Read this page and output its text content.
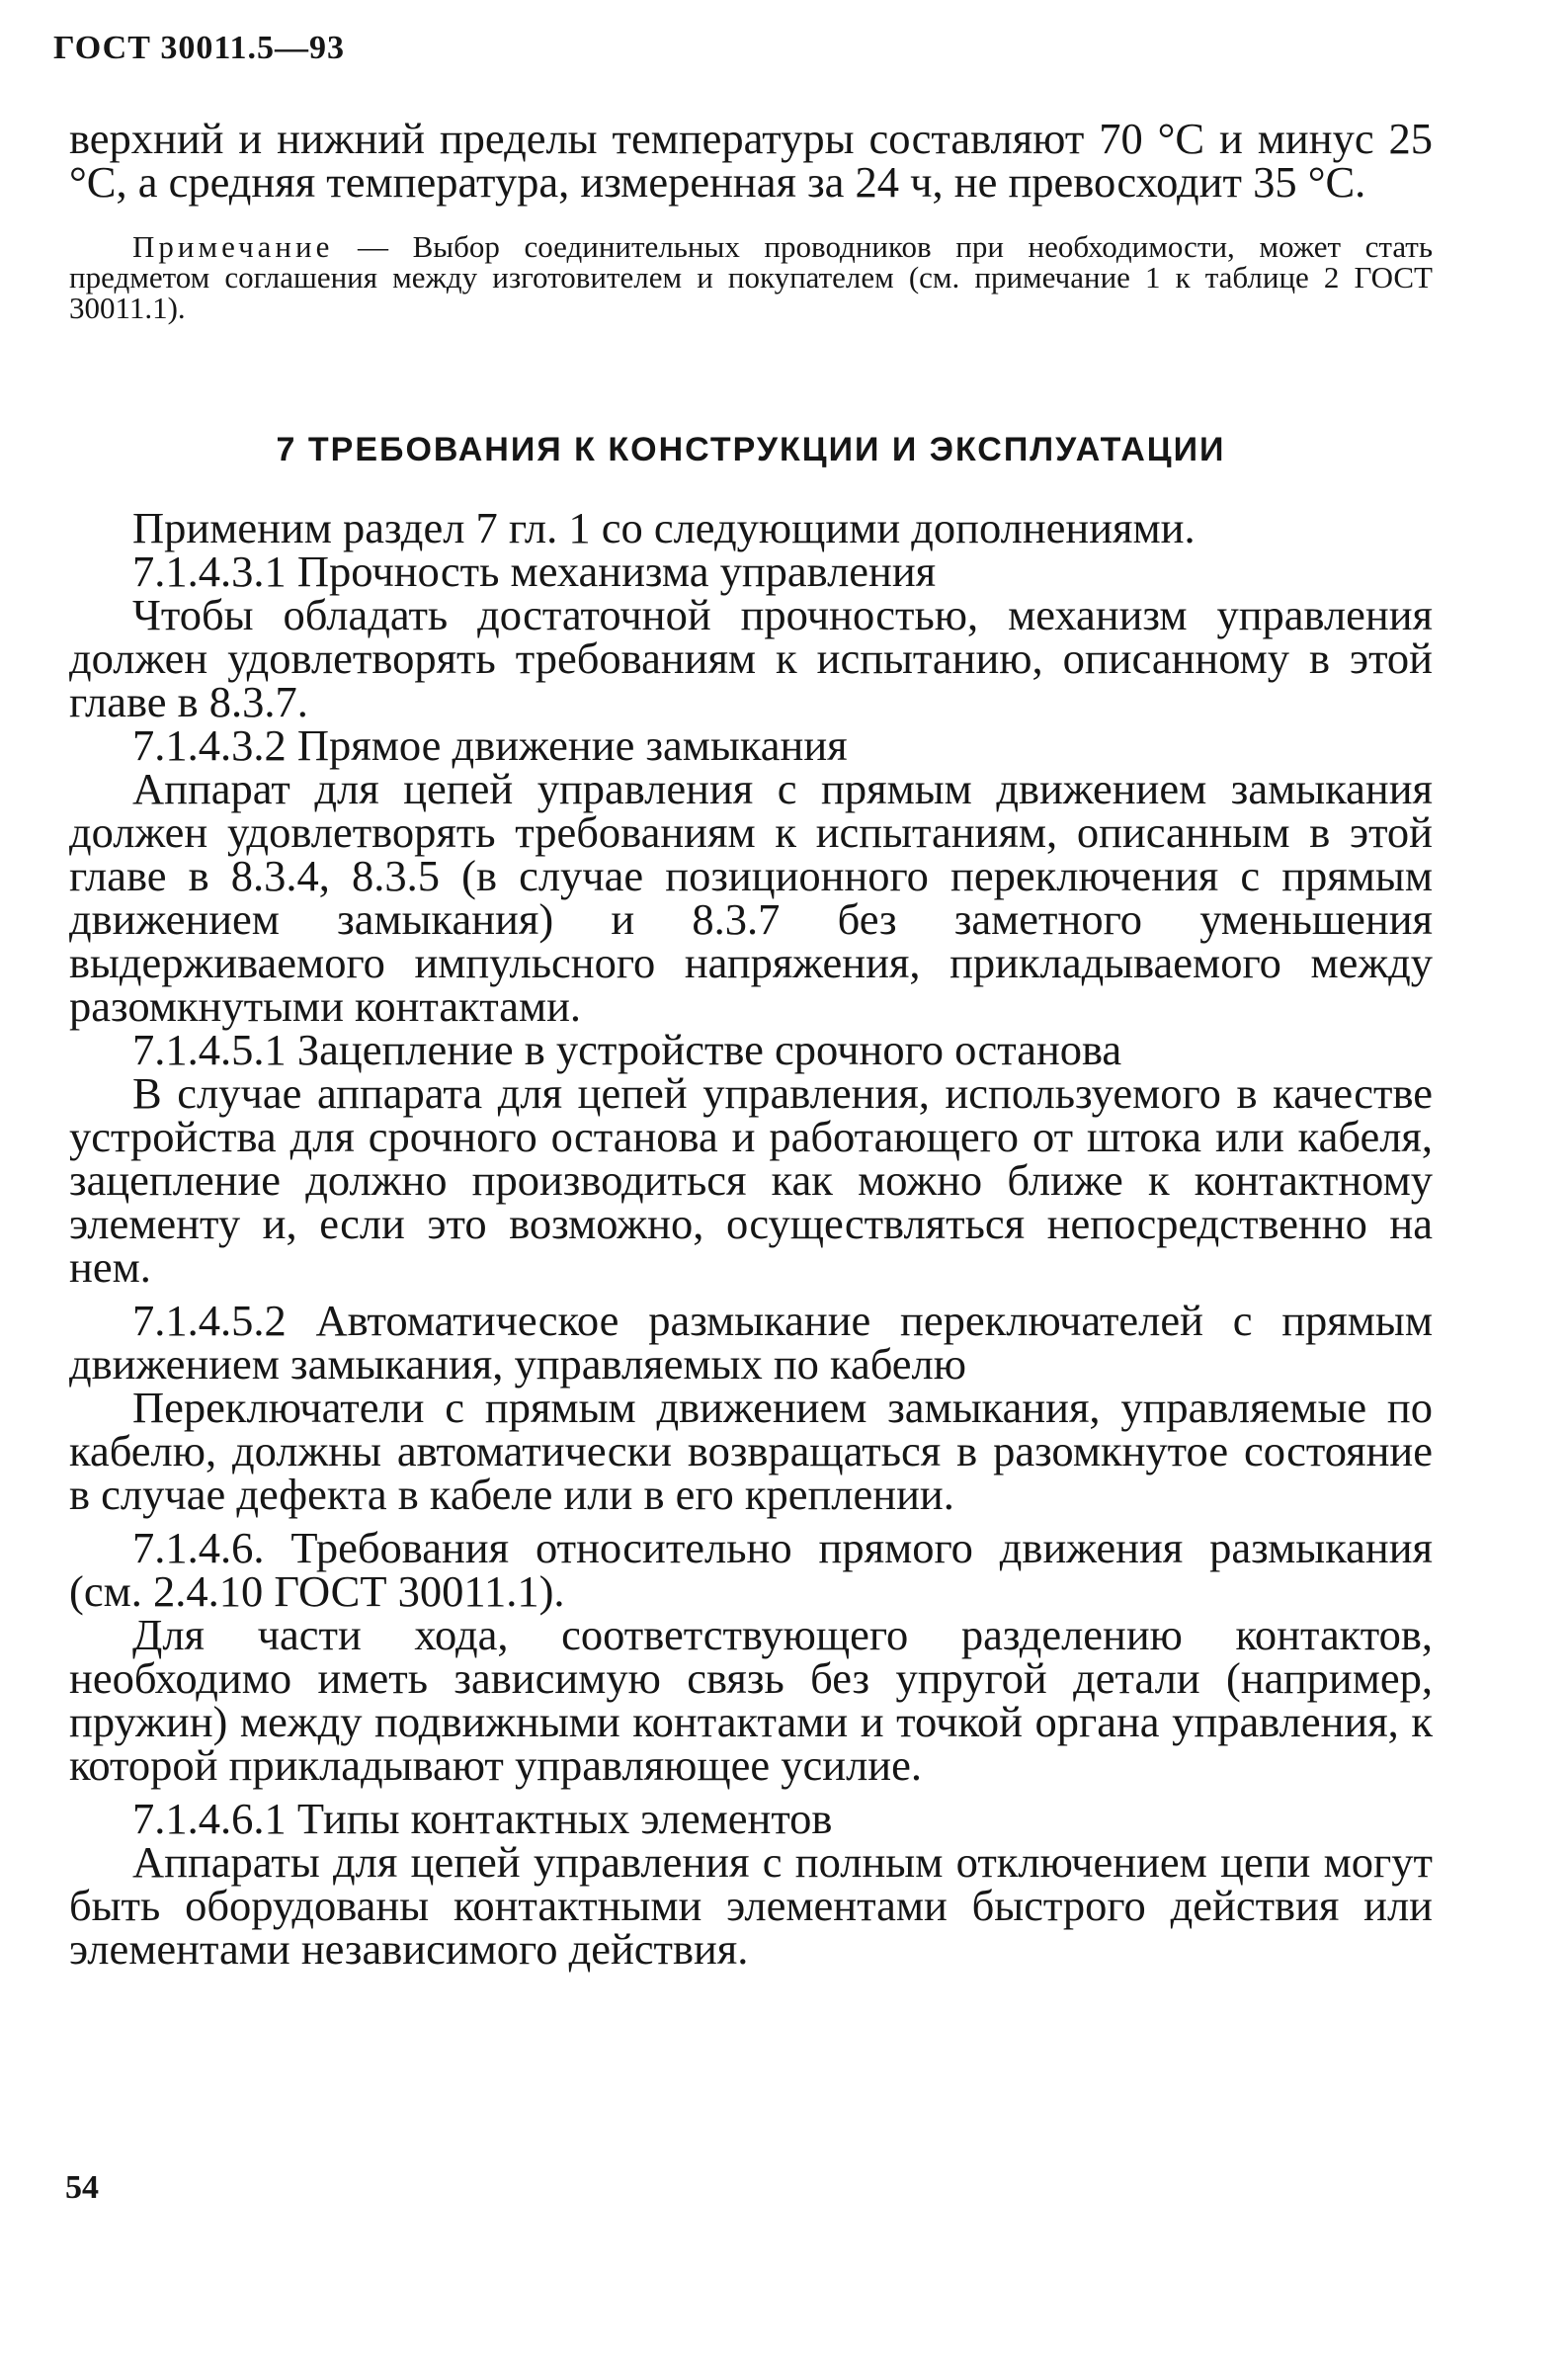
ГОСТ 30011.5—93

верхний и нижний пределы температуры составляют 70 °С и минус 25 °С, а средняя температура, измеренная за 24 ч, не превосходит 35 °С.

Примечание — Выбор соединительных проводников при необходимости, может стать предметом соглашения между изготовителем и покупателем (см. примечание 1 к таблице 2 ГОСТ 30011.1).

7 ТРЕБОВАНИЯ К КОНСТРУКЦИИ И ЭКСПЛУАТАЦИИ

Применим раздел 7 гл. 1 со следующими дополнениями.

7.1.4.3.1 Прочность механизма управления

Чтобы обладать достаточной прочностью, механизм управления должен удовлетворять требованиям к испытанию, описанному в этой главе в 8.3.7.

7.1.4.3.2 Прямое движение замыкания

Аппарат для цепей управления с прямым движением замыкания должен удовлетворять требованиям к испытаниям, описанным в этой главе в 8.3.4, 8.3.5 (в случае позиционного переключения с прямым движением замыкания) и 8.3.7 без заметного уменьшения выдерживаемого импульсного напряжения, прикладываемого между разомкнутыми контактами.

7.1.4.5.1 Зацепление в устройстве срочного останова

В случае аппарата для цепей управления, используемого в качестве устройства для срочного останова и работающего от штока или кабеля, зацепление должно производиться как можно ближе к контактному элементу и, если это возможно, осуществляться непосредственно на нем.

7.1.4.5.2 Автоматическое размыкание переключателей с прямым движением замыкания, управляемых по кабелю

Переключатели с прямым движением замыкания, управляемые по кабелю, должны автоматически возвращаться в разомкнутое состояние в случае дефекта в кабеле или в его креплении.

7.1.4.6. Требования относительно прямого движения размыкания (см. 2.4.10 ГОСТ 30011.1).

Для части хода, соответствующего разделению контактов, необходимо иметь зависимую связь без упругой детали (например, пружин) между подвижными контактами и точкой органа управления, к которой прикладывают управляющее усилие.

7.1.4.6.1 Типы контактных элементов

Аппараты для цепей управления с полным отключением цепи могут быть оборудованы контактными элементами быстрого действия или элементами независимого действия.

54
